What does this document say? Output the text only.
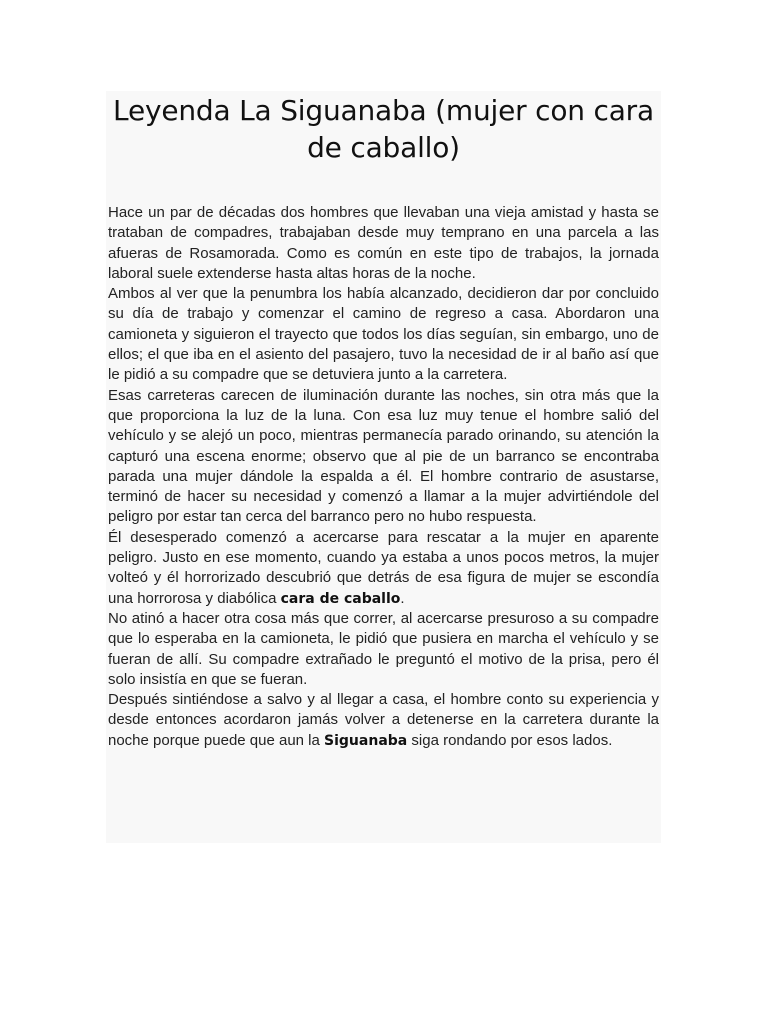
Leyenda La Siguanaba (mujer con cara de caballo)

Hace un par de décadas dos hombres que llevaban una vieja amistad y hasta se trataban de compadres, trabajaban desde muy temprano en una parcela a las afueras de Rosamorada. Como es común en este tipo de trabajos, la jornada laboral suele extenderse hasta altas horas de la noche.

Ambos al ver que la penumbra los había alcanzado, decidieron dar por concluido su día de trabajo y comenzar el camino de regreso a casa. Abordaron una camioneta y siguieron el trayecto que todos los días seguían, sin embargo, uno de ellos; el que iba en el asiento del pasajero, tuvo la necesidad de ir al baño así que le pidió a su compadre que se detuviera junto a la carretera.

Esas carreteras carecen de iluminación durante las noches, sin otra más que la que proporciona la luz de la luna. Con esa luz muy tenue el hombre salió del vehículo y se alejó un poco, mientras permanecía parado orinando, su atención la capturó una escena enorme; observo que al pie de un barranco se encontraba parada una mujer dándole la espalda a él. El hombre contrario de asustarse, terminó de hacer su necesidad y comenzó a llamar a la mujer advirtiéndole del peligro por estar tan cerca del barranco pero no hubo respuesta.

Él desesperado comenzó a acercarse para rescatar a la mujer en aparente peligro. Justo en ese momento, cuando ya estaba a unos pocos metros, la mujer volteó y él horrorizado descubrió que detrás de esa figura de mujer se escondía una horrorosa y diabólica cara de caballo.

No atinó a hacer otra cosa más que correr, al acercarse presuroso a su compadre que lo esperaba en la camioneta, le pidió que pusiera en marcha el vehículo y se fueran de allí. Su compadre extrañado le preguntó el motivo de la prisa, pero él solo insistía en que se fueran.

Después sintiéndose a salvo y al llegar a casa, el hombre conto su experiencia y desde entonces acordaron jamás volver a detenerse en la carretera durante la noche porque puede que aun la Siguanaba siga rondando por esos lados.
